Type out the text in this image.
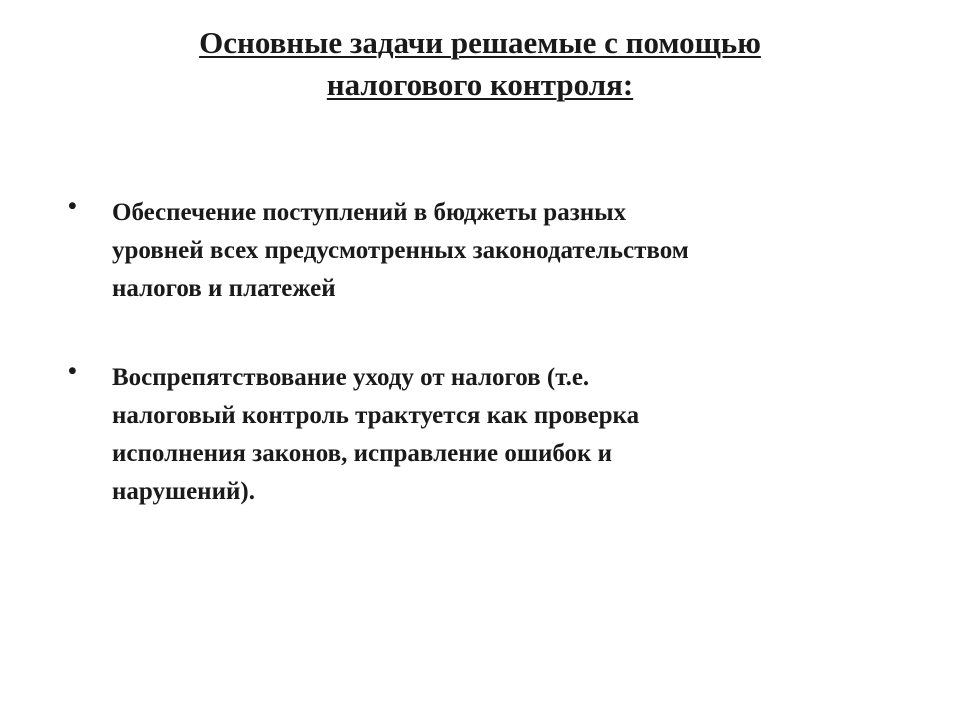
Основные задачи решаемые с помощью
налогового контроля:
• Обеспечение поступлений в бюджеты разных
уровней всех предусмотренных законодательством
налогов и платежей
• Воспрепятствование уходу от налогов (т.е.
налоговый контроль трактуется как проверка
исполнения законов, исправление ошибок и
нарушений).
